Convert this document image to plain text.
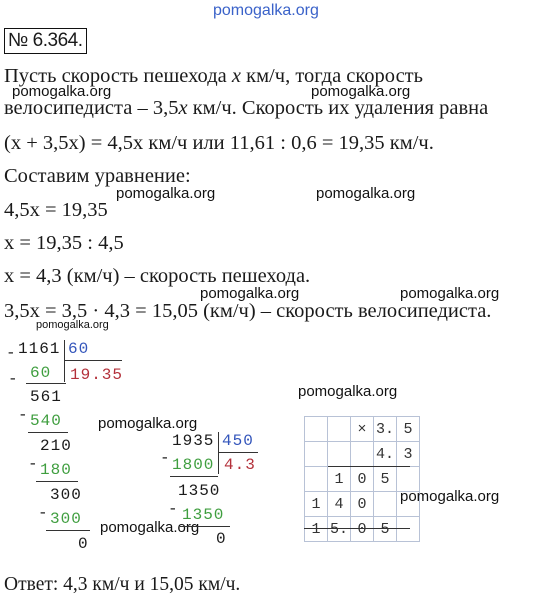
pomogalka.org
№ 6.364.
Пусть скорость пешехода x км/ч, тогда скорость
pomogalka.org	pomogalka.org
велосипедиста – 3,5x км/ч. Скорость их удаления равна
(x + 3,5x) = 4,5x км/ч или 11,61 : 0,6 = 19,35 км/ч.
Составим уравнение:
pomogalka.org	pomogalka.org
4,5x = 19,35
x = 19,35 : 4,5
x = 4,3 (км/ч) – скорость пешехода.
pomogalka.org	pomogalka.org
3,5x = 3,5 · 4,3 = 15,05 (км/ч) – скорость велосипедиста.
pomogalka.org
- 1161 60
19.35
- 60
561
- 540
210
- 180
300
- 300
0
pomogalka.org
pomogalka.org
-
1935 450
1800 4.3
1350
- 1350
0
pomogalka.org
		×	3.	5
			4.	3
	1	0	5	
1	4	0		
1	5.	0	5	
pomogalka.org
Ответ: 4,3 км/ч и 15,05 км/ч.
